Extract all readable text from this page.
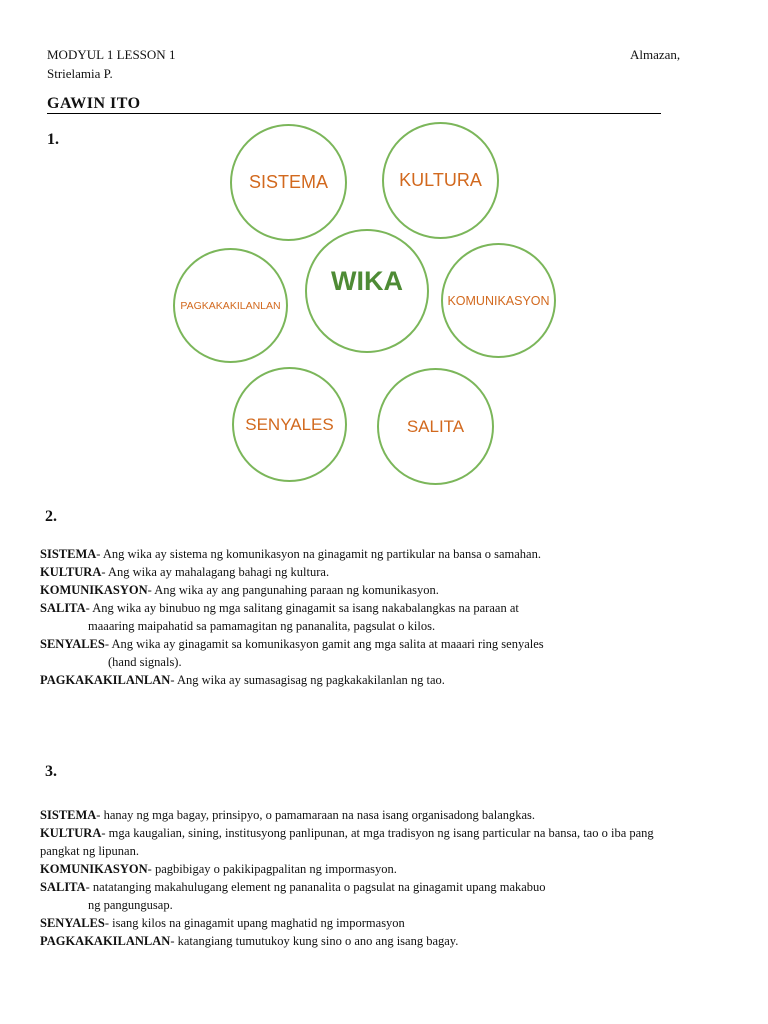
MODYUL 1 LESSON 1	Almazan,
Strielamia P.
GAWIN ITO
1.
SISTEMA	KULTURA
PAGKAKAKILANLAN
WIKA
KOMUNIKASYON
SENYALES	SALITA
2.
SISTEMA- Ang wika ay sistema ng komunikasyon na ginagamit ng partikular na bansa o samahan.
KULTURA- Ang wika ay mahalagang bahagi ng kultura.
KOMUNIKASYON- Ang wika ay ang pangunahing paraan ng komunikasyon.
SALITA- Ang wika ay binubuo ng mga salitang ginagamit sa isang nakabalangkas na paraan at
maaaring maipahatid sa pamamagitan ng pananalita, pagsulat o kilos.
SENYALES- Ang wika ay ginagamit sa komunikasyon gamit ang mga salita at maaari ring senyales
(hand signals).
PAGKAKAKILANLAN- Ang wika ay sumasagisag ng pagkakakilanlan ng tao.
3.
SISTEMA- hanay ng mga bagay, prinsipyo, o pamamaraan na nasa isang organisadong balangkas.
KULTURA- mga kaugalian, sining, institusyong panlipunan, at mga tradisyon ng isang particular na bansa, tao o iba pang
pangkat ng lipunan.
KOMUNIKASYON- pagbibigay o pakikipagpalitan ng impormasyon.
SALITA- natatanging makahulugang element ng pananalita o pagsulat na ginagamit upang makabuo
ng pangungusap.
SENYALES- isang kilos na ginagamit upang maghatid ng impormasyon
PAGKAKAKILANLAN- katangiang tumutukoy kung sino o ano ang isang bagay.
